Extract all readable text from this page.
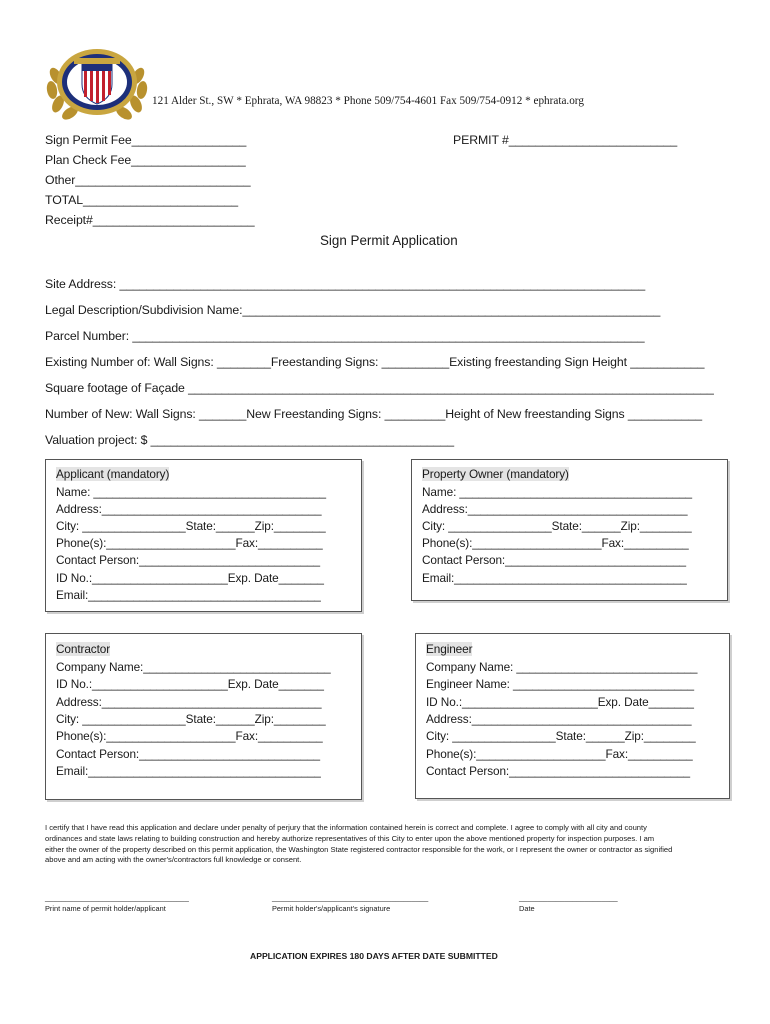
121 Alder St., SW * Ephrata, WA 98823 * Phone 509/754-4601 Fax 509/754-0912 * ephrata.org
Sign Permit Fee_________________
Plan Check Fee_________________
Other__________________________
TOTAL_______________________
Receipt#________________________
PERMIT #_________________________
Sign Permit Application
Site Address: ______________________________________________________________________________
Legal Description/Subdivision Name:______________________________________________________________
Parcel Number: ____________________________________________________________________________
Existing Number of: Wall Signs: ________Freestanding Signs: __________Existing freestanding Sign Height ___________
Square footage of Façade ______________________________________________________________________________
Number of New: Wall Signs: _______New Freestanding Signs: _________Height of New freestanding Signs ___________
Valuation project: $ _____________________________________________
Applicant (mandatory)
Name: ____________________________________
Address:__________________________________
City: ________________State:______Zip:________
Phone(s):____________________Fax:__________
Contact Person:____________________________
ID No.:_____________________Exp. Date_______
Email:____________________________________
Property Owner (mandatory)
Name: ____________________________________
Address:__________________________________
City: ________________State:______Zip:________
Phone(s):____________________Fax:__________
Contact Person:____________________________
Email:____________________________________
Contractor
Company Name:_____________________________
ID No.:_____________________Exp. Date_______
Address:__________________________________
City: ________________State:______Zip:________
Phone(s):____________________Fax:__________
Contact Person:____________________________
Email:____________________________________
Engineer
Company Name: ____________________________
Engineer Name: ____________________________
ID No.:_____________________Exp. Date_______
Address:__________________________________
City: ________________State:______Zip:________
Phone(s):____________________Fax:__________
Contact Person:____________________________
I certify that I have read this application and declare under penalty of perjury that the information contained herein is correct and complete. I agree to comply with all city and county ordinances and state laws relating to building construction and hereby authorize representatives of this City to enter upon the above mentioned property for inspection purposes. I am either the owner of the property described on this permit application, the Washington State registered contractor responsible for the work, or I represent the owner or contractor as signified above and am acting with the owner's/contractors full knowledge or consent.
___________________________________
Print name of permit holder/applicant
______________________________________
Permit holder's/applicant's signature
________________________
Date
APPLICATION EXPIRES 180 DAYS AFTER DATE SUBMITTED
